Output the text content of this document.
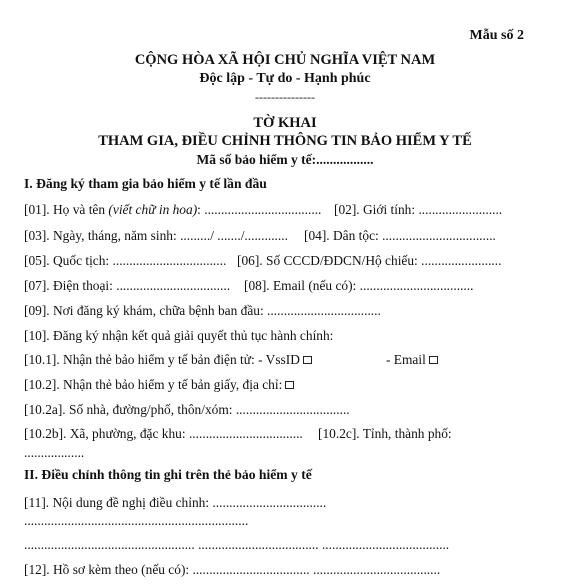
Mẫu số 2
CỘNG HÒA XÃ HỘI CHỦ NGHĨA VIỆT NAM
Độc lập - Tự do - Hạnh phúc
---------------
TỜ KHAI
THAM GIA, ĐIỀU CHỈNH THÔNG TIN BẢO HIỂM Y TẾ
Mã số bảo hiểm y tế:.................
I. Đăng ký tham gia bảo hiểm y tế lần đầu
[01]. Họ và tên (viết chữ in hoa): ................................... [02]. Giới tính: .........................
[03]. Ngày, tháng, năm sinh: ........./ ......./............. [04]. Dân tộc: ..................................
[05]. Quốc tịch: .................................. [06]. Số CCCD/ĐDCN/Hộ chiếu: ........................
[07]. Điện thoại: .................................. [08]. Email (nếu có): ..................................
[09]. Nơi đăng ký khám, chữa bệnh ban đầu: ..................................
[10]. Đăng ký nhận kết quả giải quyết thủ tục hành chính:
[10.1]. Nhận thẻ bảo hiểm y tế bản điện tử: - VssID	- Email
[10.2]. Nhận thẻ bảo hiểm y tế bản giấy, địa chỉ:
[10.2a]. Số nhà, đường/phố, thôn/xóm: ..................................
[10.2b]. Xã, phường, đặc khu: .................................. [10.2c]. Tỉnh, thành phố:
..................
II. Điều chỉnh thông tin ghi trên thẻ bảo hiểm y tế
[11]. Nội dung đề nghị điều chỉnh: ..................................
...................................................................
................................................... .................................... ......................................
[12]. Hồ sơ kèm theo (nếu có): ................................... ......................................
